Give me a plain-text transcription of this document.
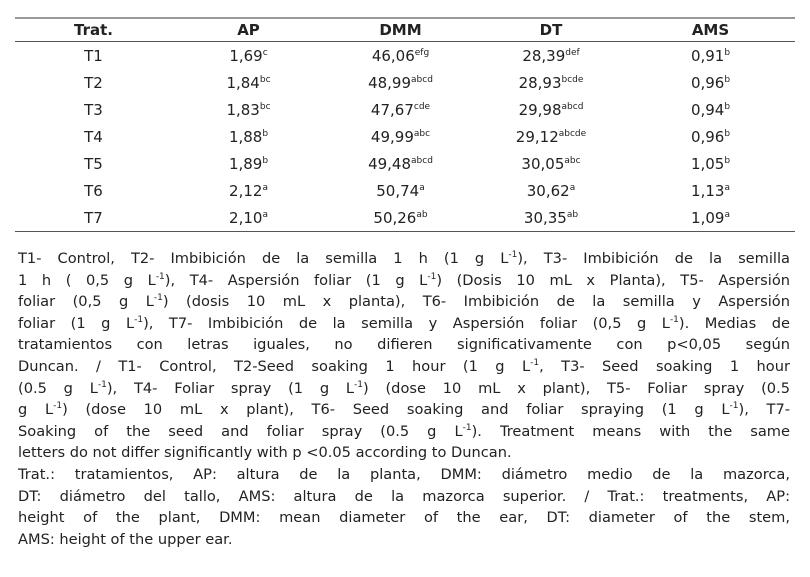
Trat.	AP	DMM	DT	AMS
T1	1,69$^c$	46,06$^{efg}$	28,39$^{def}$	0,91$^b$
T2	1,84$^{bc}$	$48,99^{abcd}$	$28,93^{bcde}$	0,96$^b$
T3	1,83$^{bc}$	47,67$^{cde}$	$29,98^{abcd}$	0,94$^b$
T4	1,88$^b$	49,99$^{abc}$	$29,12^{abcde}$	0,96$^b$
T5	1,89$^b$	$49,48^{abcd}$	30,05$^{abc}$	1,05$^b$
T6	2,12$^a$	50,74$^a$	30,62$^a$	1,13$^a$
T7	2,10$^a$	50,26$^{ab}$	30,35$^{ab}$	1,09$^a$
T1- Control, T2- Imbibición de la semilla 1 h (1 g $L^{-1}$), T3- Imbibición de la semilla
1 h ( 0,5 g $L^{-1}$), T4- Aspersión foliar (1 g $L^{-1}$) (Dosis 10 mL x Planta), T5- Aspersión
foliar (0,5 g $L^{-1}$) (dosis 10 mL x planta), T6- Imbibición de la semilla y Aspersión
foliar (1 g $L^{-1}$), T7- Imbibición de la semilla y Aspersión foliar (0,5 g $L^{-1}$). Medias de
tratamientos con letras iguales, no difieren significativamente con p<0,05 según
Duncan. / T1- Control, T2-Seed soaking 1 hour (1 g $L^{-1}$, T3- Seed soaking 1 hour
(0.5 g $L^{-1}$), T4- Foliar spray (1 g $L^{-1}$) (dose 10 mL x plant), T5- Foliar spray (0.5
g $L^{-1}$) (dose 10 mL x plant), T6- Seed soaking and foliar spraying (1 g $L^{-1}$), T7-
Soaking of the seed and foliar spray (0.5 g $L^{-1}$). Treatment means with the same
letters do not differ significantly with p <0.05 according to Duncan.
Trat.: tratamientos, AP: altura de la planta, DMM: diámetro medio de la mazorca,
DT: diámetro del tallo, AMS: altura de la mazorca superior. / Trat.: treatments, AP:
height of the plant, DMM: mean diameter of the ear, DT: diameter of the stem,
AMS: height of the upper ear.
